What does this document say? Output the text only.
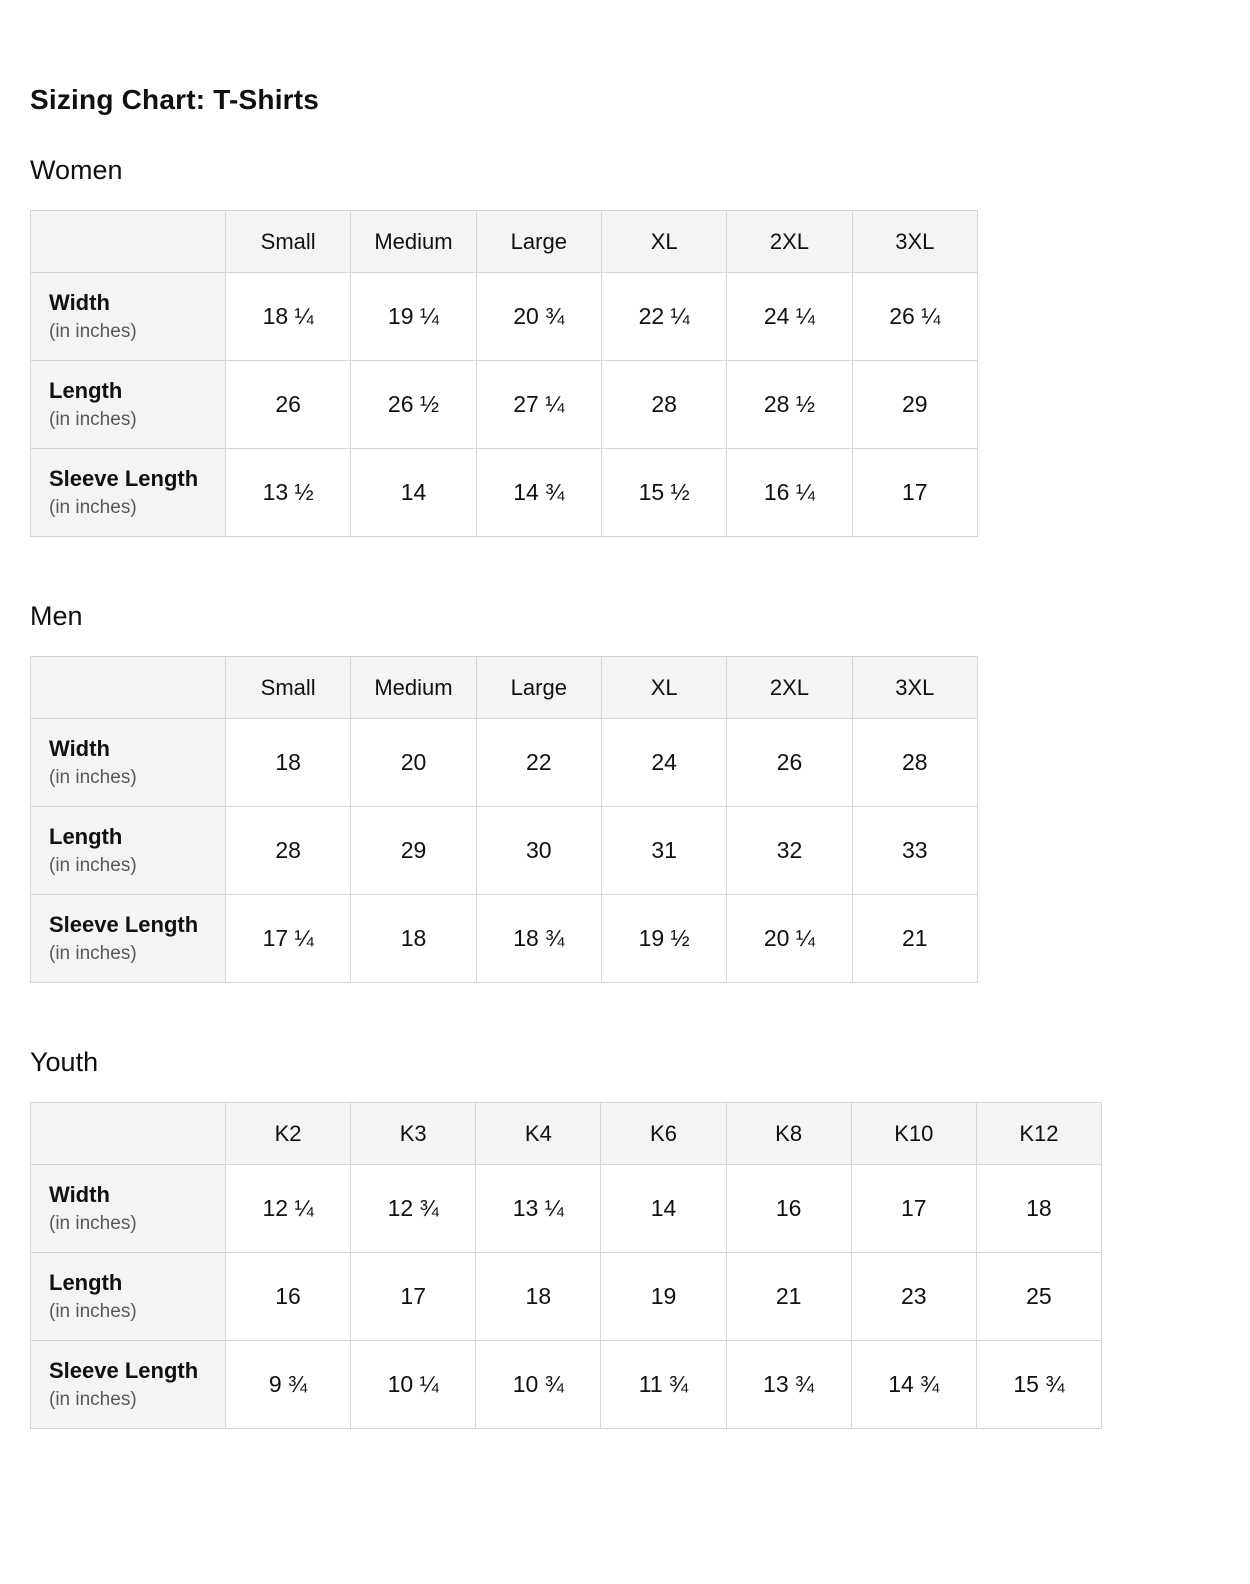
Sizing Chart: T-Shirts
Women
	Small	Medium	Large	XL	2XL	3XL

Width
(in inches)	18 ¼	19 ¼	20 ¾	22 ¼	24 ¼	26 ¼

Length
(in inches)	26	26 ½	27 ¼	28	28 ½	29

Sleeve Length
(in inches)	13 ½	14	14 ¾	15 ½	16 ¼	17
Men
	Small	Medium	Large	XL	2XL	3XL

Width
(in inches)	18	20	22	24	26	28

Length
(in inches)	28	29	30	31	32	33

Sleeve Length
(in inches)	17 ¼	18	18 ¾	19 ½	20 ¼	21
Youth
	K2	K3	K4	K6	K8	K10	K12

Width
(in inches)	12 ¼	12 ¾	13 ¼	14	16	17	18

Length
(in inches)	16	17	18	19	21	23	25

Sleeve Length
(in inches)	9 ¾	10 ¼	10 ¾	11 ¾	13 ¾	14 ¾	15 ¾
